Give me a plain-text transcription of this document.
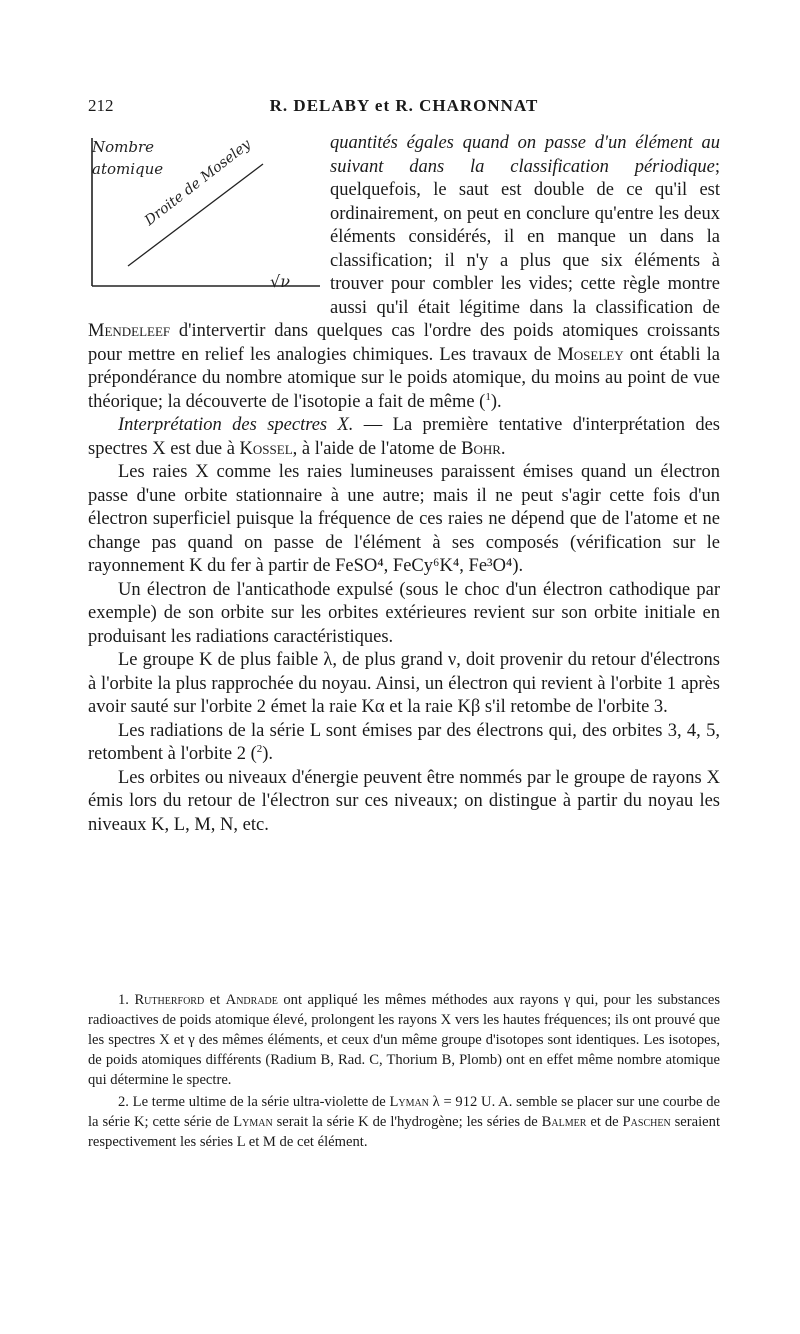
212	R. DELABY et R. CHARONNAT

Nombre
atomique
Droite de Moseley
√ν
quantités égales quand on passe d'un élément au suivant dans la classification périodique; quelquefois, le saut est double de ce qu'il est ordinairement, on peut en conclure qu'entre les deux éléments considérés, il en manque un dans la classification; il n'y a plus que six éléments à trouver pour combler les vides; cette règle montre aussi qu'il était légitime dans la classification de Mendeleef d'intervertir dans quelques cas l'ordre des poids atomiques croissants pour mettre en relief les analogies chimiques. Les travaux de Moseley ont établi la prépondérance du nombre atomique sur le poids atomique, du moins au point de vue théorique; la découverte de l'isotopie a fait de même ($^1$).

Interprétation des spectres X. — La première tentative d'interprétation des spectres X est due à Kossel, à l'aide de l'atome de Bohr.

Les raies X comme les raies lumineuses paraissent émises quand un électron passe d'une orbite stationnaire à une autre; mais il ne peut s'agir cette fois d'un électron superficiel puisque la fréquence de ces raies ne dépend que de l'atome et ne change pas quand on passe de l'élément à ses composés (vérification sur le rayonnement K du fer à partir de FeSO⁴, FeCy⁶K⁴, Fe³O⁴).

Un électron de l'anticathode expulsé (sous le choc d'un électron cathodique par exemple) de son orbite sur les orbites extérieures revient sur son orbite initiale en produisant les radiations caractéristiques.

Le groupe K de plus faible λ, de plus grand ν, doit provenir du retour d'électrons à l'orbite la plus rapprochée du noyau. Ainsi, un électron qui revient à l'orbite 1 après avoir sauté sur l'orbite 2 émet la raie Kα et la raie Kβ s'il retombe de l'orbite 3.

Les radiations de la série L sont émises par des électrons qui, des orbites 3, 4, 5, retombent à l'orbite 2 ($^2$).

Les orbites ou niveaux d'énergie peuvent être nommés par le groupe de rayons X émis lors du retour de l'électron sur ces niveaux; on distingue à partir du noyau les niveaux K, L, M, N, etc.

1. Rutherford et Andrade ont appliqué les mêmes méthodes aux rayons γ qui, pour les substances radioactives de poids atomique élevé, prolongent les rayons X vers les hautes fréquences; ils ont prouvé que les spectres X et γ des mêmes éléments, et ceux d'un même groupe d'isotopes sont identiques. Les isotopes, de poids atomiques différents (Radium B, Rad. C, Thorium B, Plomb) ont en effet même nombre atomique qui détermine le spectre.

2. Le terme ultime de la série ultra-violette de Lyman λ = 912 U. A. semble se placer sur une courbe de la série K; cette série de Lyman serait la série K de l'hydrogène; les séries de Balmer et de Paschen seraient respectivement les séries L et M de cet élément.
